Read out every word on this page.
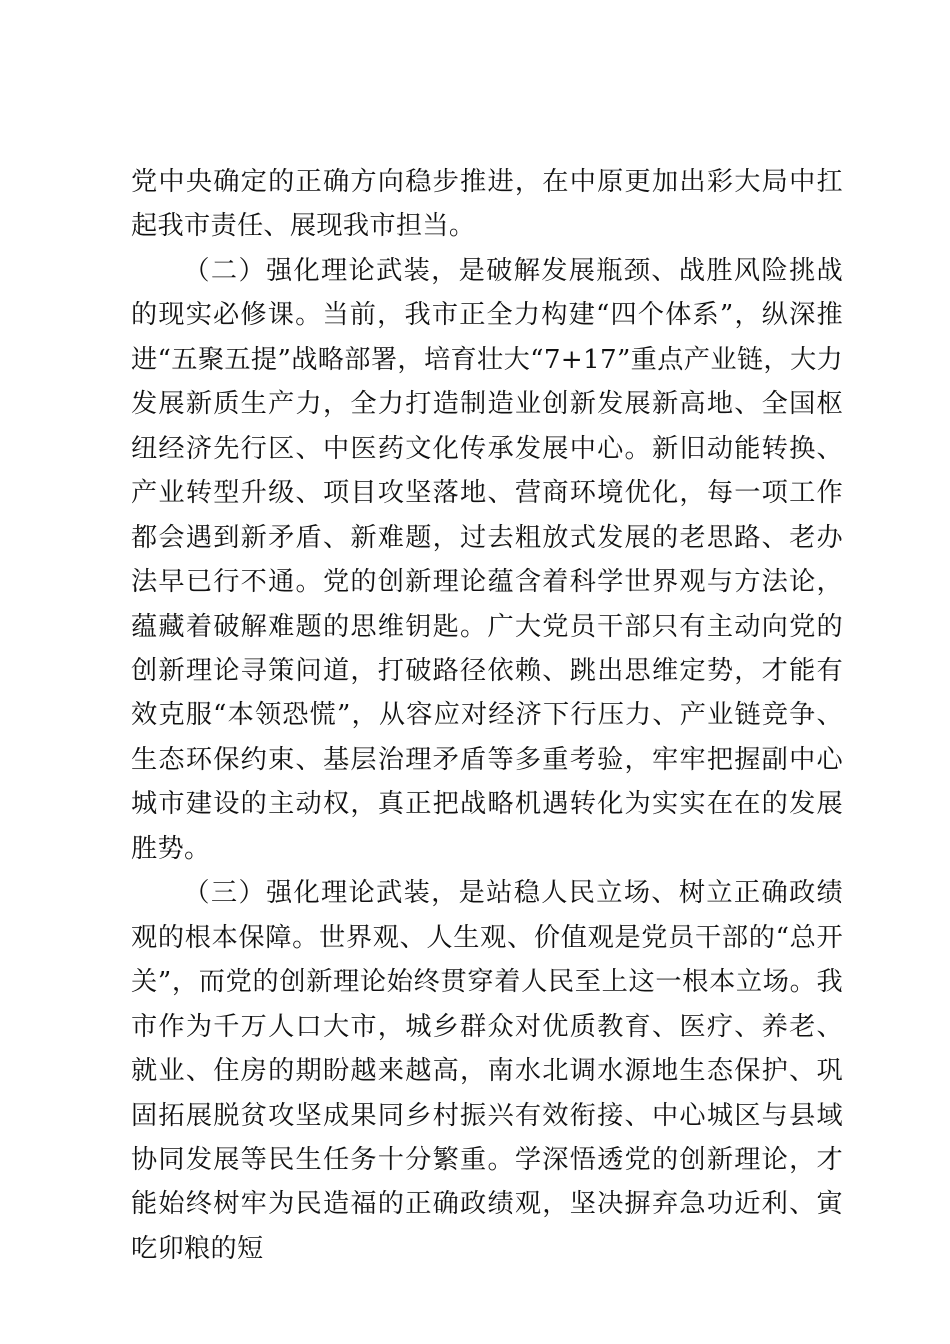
党中央确定的正确方向稳步推进，在中原更加出彩大局中扛起我市责任、展现我市担当。

（二）强化理论武装，是破解发展瓶颈、战胜风险挑战的现实必修课。当前，我市正全力构建“四个体系”，纵深推进“五聚五提”战略部署，培育壮大“7+17”重点产业链，大力发展新质生产力，全力打造制造业创新发展新高地、全国枢纽经济先行区、中医药文化传承发展中心。新旧动能转换、产业转型升级、项目攻坚落地、营商环境优化，每一项工作都会遇到新矛盾、新难题，过去粗放式发展的老思路、老办法早已行不通。党的创新理论蕴含着科学世界观与方法论，蕴藏着破解难题的思维钥匙。广大党员干部只有主动向党的创新理论寻策问道，打破路径依赖、跳出思维定势，才能有效克服“本领恐慌”，从容应对经济下行压力、产业链竞争、生态环保约束、基层治理矛盾等多重考验，牢牢把握副中心城市建设的主动权，真正把战略机遇转化为实实在在的发展胜势。

（三）强化理论武装，是站稳人民立场、树立正确政绩观的根本保障。世界观、人生观、价值观是党员干部的“总开关”，而党的创新理论始终贯穿着人民至上这一根本立场。我市作为千万人口大市，城乡群众对优质教育、医疗、养老、就业、住房的期盼越来越高，南水北调水源地生态保护、巩固拓展脱贫攻坚成果同乡村振兴有效衔接、中心城区与县域协同发展等民生任务十分繁重。学深悟透党的创新理论，才能始终树牢为民造福的正确政绩观，坚决摒弃急功近利、寅吃卯粮的短
